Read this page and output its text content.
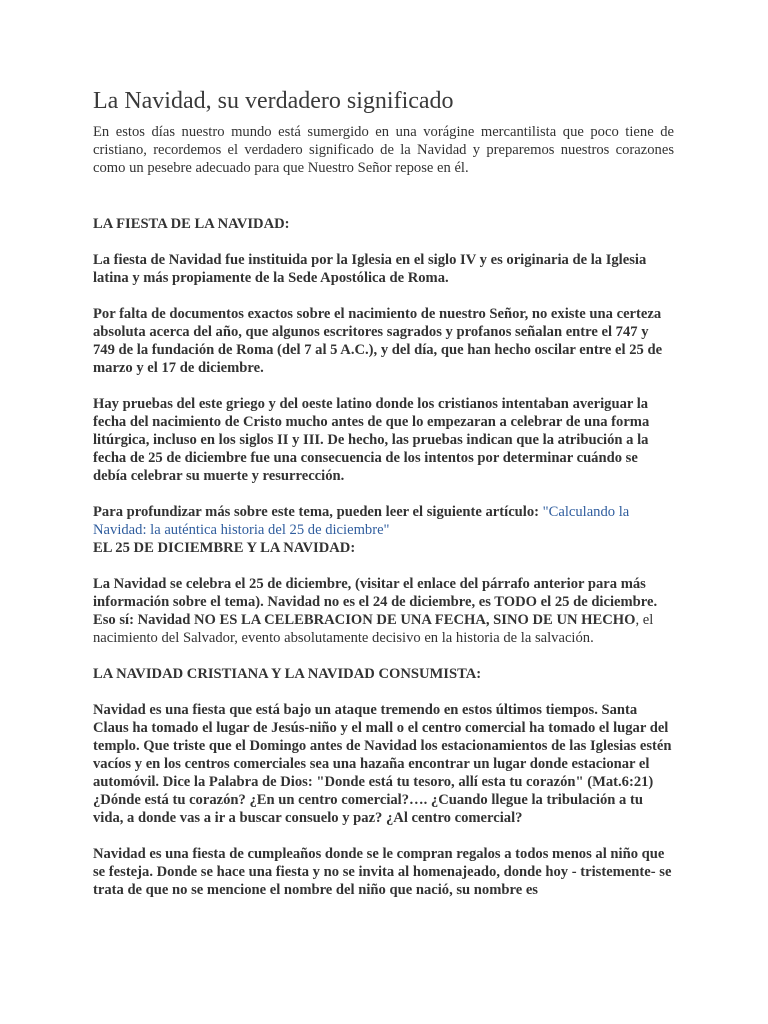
La Navidad, su verdadero significado

En estos días nuestro mundo está sumergido en una vorágine mercantilista que poco tiene de cristiano, recordemos el verdadero significado de la Navidad y preparemos nuestros corazones como un pesebre adecuado para que Nuestro Señor repose en él.

LA FIESTA DE LA NAVIDAD:

La fiesta de Navidad fue instituida por la Iglesia en el siglo IV y es originaria de la Iglesia latina y más propiamente de la Sede Apostólica de Roma.

Por falta de documentos exactos sobre el nacimiento de nuestro Señor, no existe una certeza absoluta acerca del año, que algunos escritores sagrados y profanos señalan entre el 747 y 749 de la fundación de Roma (del 7 al 5 A.C.), y del día, que han hecho oscilar entre el 25 de marzo y el 17 de diciembre.

Hay pruebas del este griego y del oeste latino donde los cristianos intentaban averiguar la fecha del nacimiento de Cristo mucho antes de que lo empezaran a celebrar de una forma litúrgica, incluso en los siglos II y III. De hecho, las pruebas indican que la atribución a la fecha de 25 de diciembre fue una consecuencia de los intentos por determinar cuándo se debía celebrar su muerte y resurrección.

Para profundizar más sobre este tema, pueden leer el siguiente artículo: "Calculando la Navidad: la auténtica historia del 25 de diciembre"

EL 25 DE DICIEMBRE Y LA NAVIDAD:

La Navidad se celebra el 25 de diciembre, (visitar el enlace del párrafo anterior para más información sobre el tema). Navidad no es el 24 de diciembre, es TODO el 25 de diciembre. Eso sí: Navidad NO ES LA CELEBRACION DE UNA FECHA, SINO DE UN HECHO, el nacimiento del Salvador, evento absolutamente decisivo en la historia de la salvación.

LA NAVIDAD CRISTIANA Y LA NAVIDAD CONSUMISTA:

Navidad es una fiesta que está bajo un ataque tremendo en estos últimos tiempos. Santa Claus ha tomado el lugar de Jesús-niño y el mall o el centro comercial ha tomado el lugar del templo. Que triste que el Domingo antes de Navidad los estacionamientos de las Iglesias estén vacíos y en los centros comerciales sea una hazaña encontrar un lugar donde estacionar el automóvil. Dice la Palabra de Dios: "Donde está tu tesoro, allí esta tu corazón" (Mat.6:21) ¿Dónde está tu corazón? ¿En un centro comercial?…. ¿Cuando llegue la tribulación a tu vida, a donde vas a ir a buscar consuelo y paz? ¿Al centro comercial?

Navidad es una fiesta de cumpleaños donde se le compran regalos a todos menos al niño que se festeja. Donde se hace una fiesta y no se invita al homenajeado, donde hoy - tristemente- se trata de que no se mencione el nombre del niño que nació, su nombre es
